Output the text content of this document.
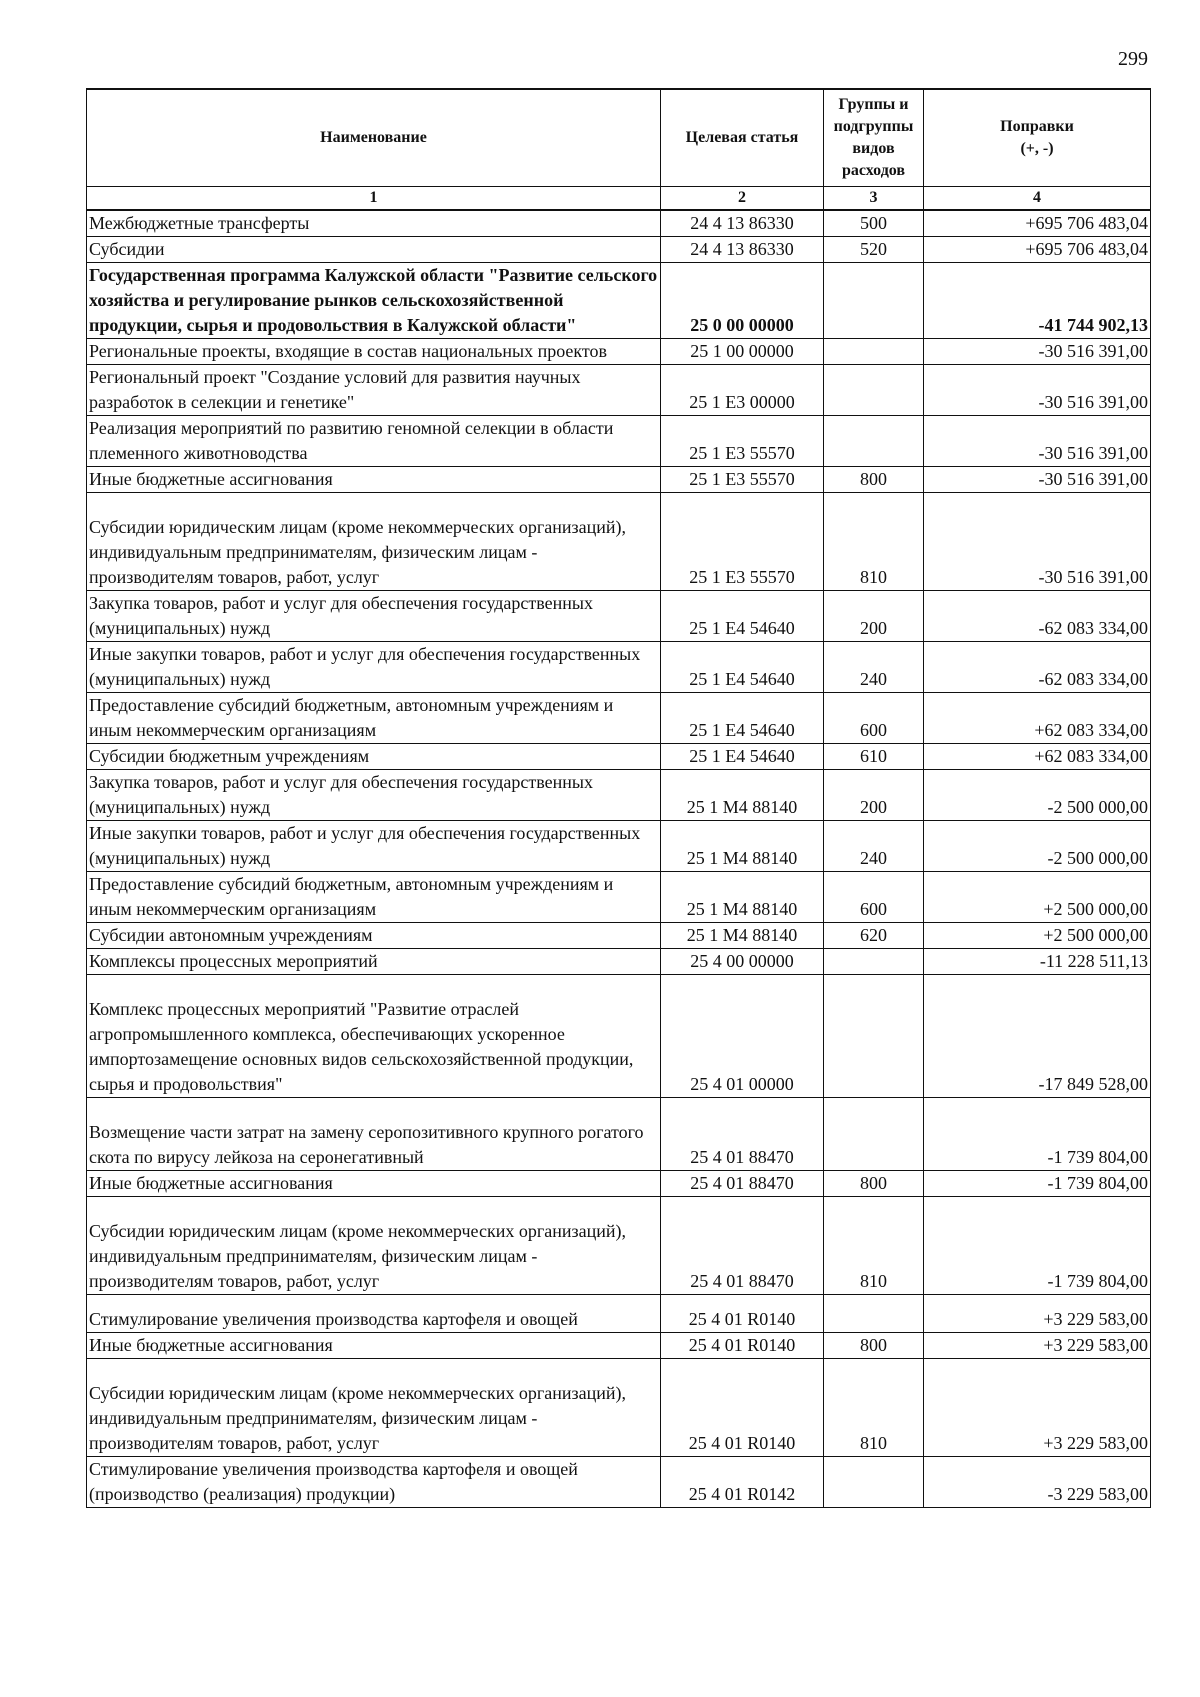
299
Наименование	Целевая статья	Группы и подгруппы видов расходов	Поправки
(+, -)
1	2	3	4
Межбюджетные трансферты	24 4 13 86330	500	+695 706 483,04
Субсидии	24 4 13 86330	520	+695 706 483,04
Государственная программа Калужской области "Развитие сельского хозяйства и регулирование рынков сельскохозяйственной продукции, сырья и продовольствия в Калужской области"	25 0 00 00000		-41 744 902,13
Региональные проекты, входящие в состав национальных проектов	25 1 00 00000		-30 516 391,00
Региональный проект "Создание условий для развития научных разработок в селекции и генетике"	25 1 E3 00000		-30 516 391,00
Реализация мероприятий по развитию геномной селекции в области племенного животноводства	25 1 E3 55570		-30 516 391,00
Иные бюджетные ассигнования	25 1 E3 55570	800	-30 516 391,00
Субсидии юридическим лицам (кроме некоммерческих организаций), индивидуальным предпринимателям, физическим лицам - производителям товаров, работ, услуг	25 1 E3 55570	810	-30 516 391,00
Закупка товаров, работ и услуг для обеспечения государственных (муниципальных) нужд	25 1 E4 54640	200	-62 083 334,00
Иные закупки товаров, работ и услуг для обеспечения государственных (муниципальных) нужд	25 1 E4 54640	240	-62 083 334,00
Предоставление субсидий бюджетным, автономным учреждениям и иным некоммерческим организациям	25 1 E4 54640	600	+62 083 334,00
Субсидии бюджетным учреждениям	25 1 E4 54640	610	+62 083 334,00
Закупка товаров, работ и услуг для обеспечения государственных (муниципальных) нужд	25 1 M4 88140	200	-2 500 000,00
Иные закупки товаров, работ и услуг для обеспечения государственных (муниципальных) нужд	25 1 M4 88140	240	-2 500 000,00
Предоставление субсидий бюджетным, автономным учреждениям и иным некоммерческим организациям	25 1 M4 88140	600	+2 500 000,00
Субсидии автономным учреждениям	25 1 M4 88140	620	+2 500 000,00
Комплексы процессных мероприятий	25 4 00 00000		-11 228 511,13
Комплекс процессных мероприятий "Развитие отраслей агропромышленного комплекса, обеспечивающих ускоренное импортозамещение основных видов сельскохозяйственной продукции, сырья и продовольствия"	25 4 01 00000		-17 849 528,00
Возмещение части затрат на замену серопозитивного крупного рогатого скота по вирусу лейкоза на серонегативный	25 4 01 88470		-1 739 804,00
Иные бюджетные ассигнования	25 4 01 88470	800	-1 739 804,00
Субсидии юридическим лицам (кроме некоммерческих организаций), индивидуальным предпринимателям, физическим лицам - производителям товаров, работ, услуг	25 4 01 88470	810	-1 739 804,00
Стимулирование увеличения производства картофеля и овощей	25 4 01 R0140		+3 229 583,00
Иные бюджетные ассигнования	25 4 01 R0140	800	+3 229 583,00
Субсидии юридическим лицам (кроме некоммерческих организаций), индивидуальным предпринимателям, физическим лицам - производителям товаров, работ, услуг	25 4 01 R0140	810	+3 229 583,00
Стимулирование увеличения производства картофеля и овощей (производство (реализация) продукции)	25 4 01 R0142		-3 229 583,00
